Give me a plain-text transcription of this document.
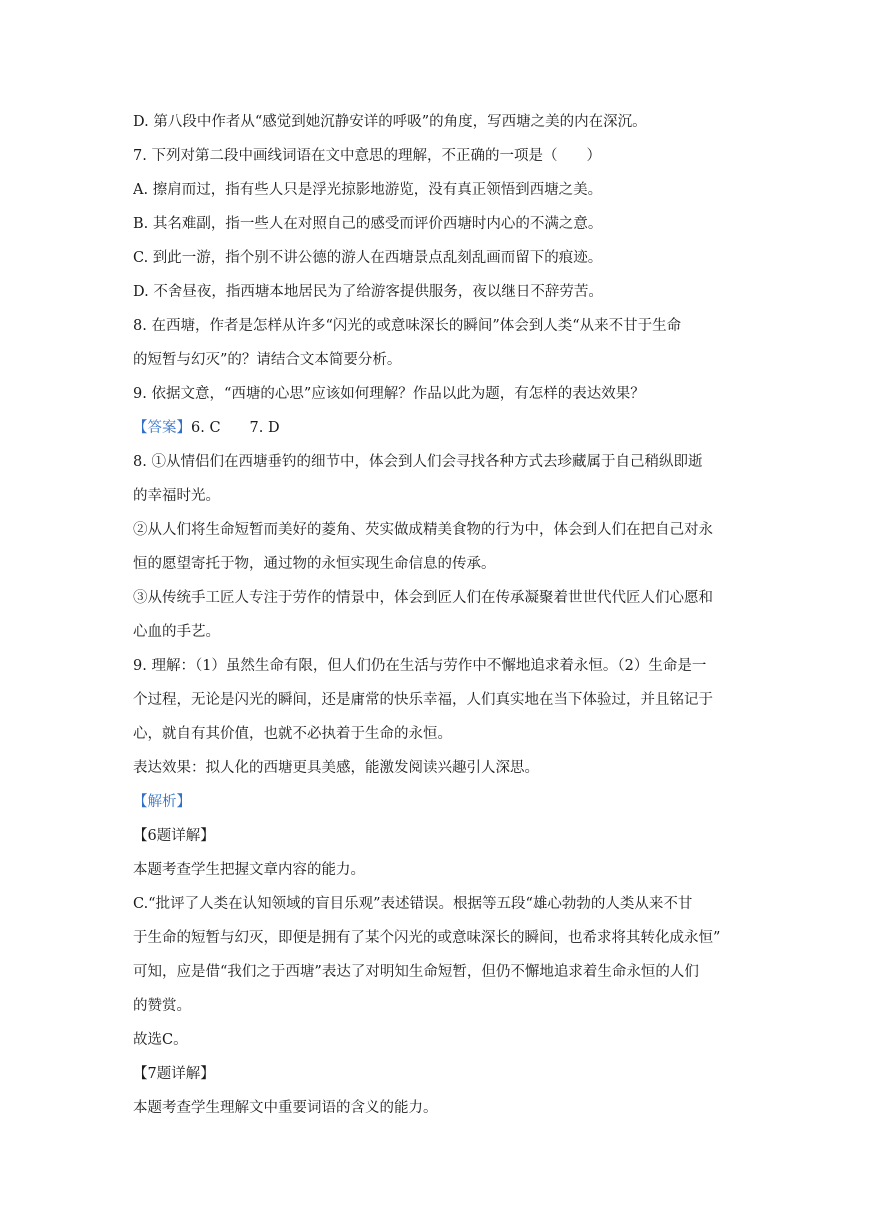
D. 第八段中作者从“感觉到她沉静安详的呼吸”的角度，写西塘之美的内在深沉。
7. 下列对第二段中画线词语在文中意思的理解，不正确的一项是（　　）
A. 擦肩而过，指有些人只是浮光掠影地游览，没有真正领悟到西塘之美。
B. 其名难副，指一些人在对照自己的感受而评价西塘时内心的不满之意。
C. 到此一游，指个别不讲公德的游人在西塘景点乱刻乱画而留下的痕迹。
D. 不舍昼夜，指西塘本地居民为了给游客提供服务，夜以继日不辞劳苦。
8. 在西塘，作者是怎样从许多“闪光的或意味深长的瞬间”体会到人类“从来不甘于生命
的短暂与幻灭”的？请结合文本简要分析。
9. 依据文意，“西塘的心思”应该如何理解？作品以此为题，有怎样的表达效果？
【答案】6. C　　7. D
8. ①从情侣们在西塘垂钓的细节中，体会到人们会寻找各种方式去珍藏属于自己稍纵即逝
的幸福时光。
②从人们将生命短暂而美好的菱角、芡实做成精美食物的行为中，体会到人们在把自己对永
恒的愿望寄托于物，通过物的永恒实现生命信息的传承。
③从传统手工匠人专注于劳作的情景中，体会到匠人们在传承凝聚着世世代代匠人们心愿和
心血的手艺。
9. 理解：（1）虽然生命有限，但人们仍在生活与劳作中不懈地追求着永恒。（2）生命是一
个过程，无论是闪光的瞬间，还是庸常的快乐幸福，人们真实地在当下体验过，并且铭记于
心，就自有其价值，也就不必执着于生命的永恒。
表达效果：拟人化的西塘更具美感，能激发阅读兴趣引人深思。
【解析】
【6题详解】
本题考查学生把握文章内容的能力。
C.“批评了人类在认知领域的盲目乐观”表述错误。根据等五段“雄心勃勃的人类从来不甘
于生命的短暂与幻灭，即便是拥有了某个闪光的或意味深长的瞬间，也希求将其转化成永恒”
可知，应是借“我们之于西塘”表达了对明知生命短暂，但仍不懈地追求着生命永恒的人们
的赞赏。
故选C。
【7题详解】
本题考查学生理解文中重要词语的含义的能力。
